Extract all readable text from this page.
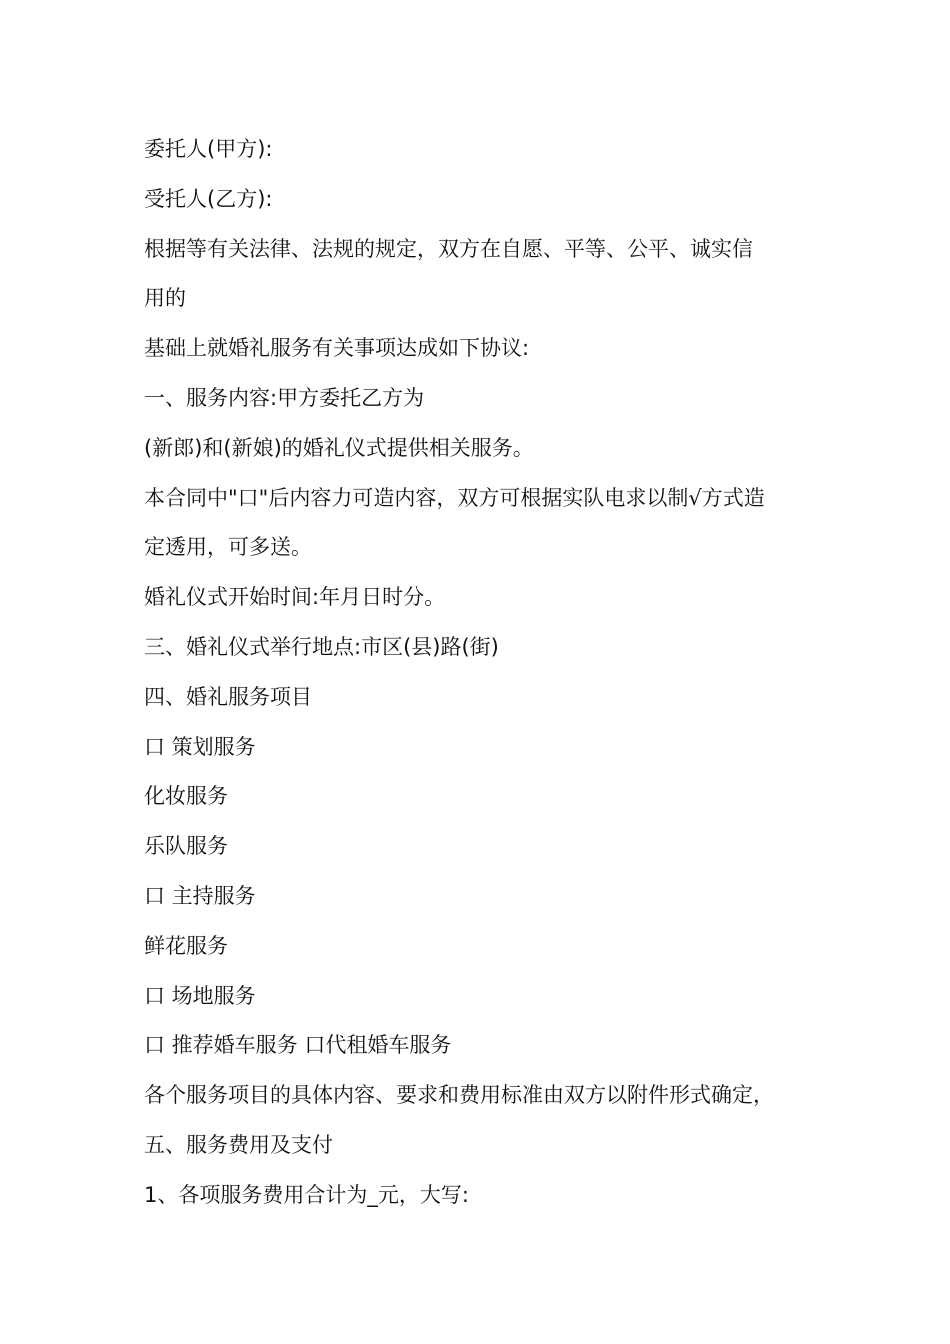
委托人(甲方):

受托人(乙方):

根据等有关法律、法规的规定，双方在自愿、平等、公平、诚实信

用的

基础上就婚礼服务有关事项达成如下协议:

一、服务内容:甲方委托乙方为

(新郎)和(新娘)的婚礼仪式提供相关服务。

本合同中"口"后内容力可造内容，双方可根据实队电求以制√方式造

定透用，可多送。

婚礼仪式开始时间:年月日时分。

三、婚礼仪式举行地点:市区(县)路(街)

四、婚礼服务项目

口 策划服务

化妆服务

乐队服务

口 主持服务

鲜花服务

口 场地服务

口 推荐婚车服务 口代租婚车服务

各个服务项目的具体内容、要求和费用标准由双方以附件形式确定，

五、服务费用及支付

1、各项服务费用合计为_元，大写:
